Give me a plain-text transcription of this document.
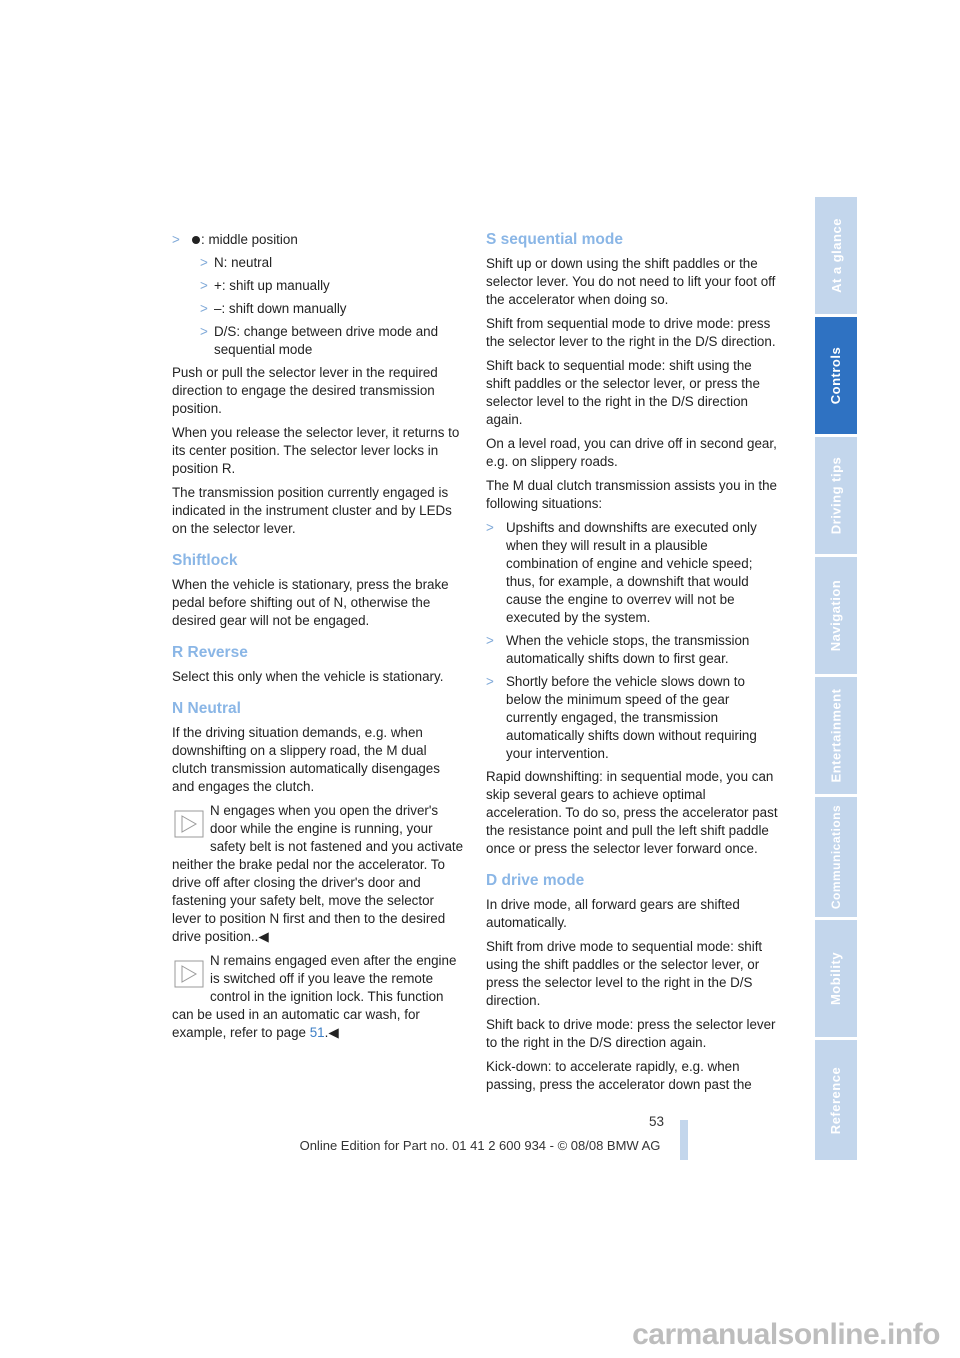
> : middle position
> N: neutral
> +: shift up manually
> –: shift down manually
> D/S: change between drive mode and sequential mode

Push or pull the selector lever in the required direction to engage the desired transmission position.

When you release the selector lever, it returns to its center position. The selector lever locks in position R.

The transmission position currently engaged is indicated in the instrument cluster and by LEDs on the selector lever.

Shiftlock

When the vehicle is stationary, press the brake pedal before shifting out of N, otherwise the desired gear will not be engaged.

R Reverse

Select this only when the vehicle is stationary.

N Neutral

If the driving situation demands, e.g. when downshifting on a slippery road, the M dual clutch transmission automatically disengages and engages the clutch.

N engages when you open the driver's door while the engine is running, your safety belt is not fastened and you activate neither the brake pedal nor the accelerator. To drive off after closing the driver's door and fastening your safety belt, move the selector lever to position N first and then to the desired drive position..◀
N remains engaged even after the engine is switched off if you leave the remote control in the ignition lock. This function can be used in an automatic car wash, for example, refer to page 51.◀
S sequential mode

Shift up or down using the shift paddles or the selector lever. You do not need to lift your foot off the accelerator when doing so.

Shift from sequential mode to drive mode: press the selector lever to the right in the D/S direction.

Shift back to sequential mode: shift using the shift paddles or the selector lever, or press the selector level to the right in the D/S direction again.

On a level road, you can drive off in second gear, e.g. on slippery roads.

The M dual clutch transmission assists you in the following situations:

> Upshifts and downshifts are executed only when they will result in a plausible combination of engine and vehicle speed; thus, for example, a downshift that would cause the engine to overrev will not be executed by the system.
> When the vehicle stops, the transmission automatically shifts down to first gear.
> Shortly before the vehicle slows down to below the minimum speed of the gear currently engaged, the transmission automatically shifts down without requiring your intervention.

Rapid downshifting: in sequential mode, you can skip several gears to achieve optimal acceleration. To do so, press the accelerator past the resistance point and pull the left shift paddle once or press the selector lever forward once.

D drive mode

In drive mode, all forward gears are shifted automatically.

Shift from drive mode to sequential mode: shift using the shift paddles or the selector lever, or press the selector level to the right in the D/S direction.

Shift back to drive mode: press the selector lever to the right in the D/S direction again.

Kick-down: to accelerate rapidly, e.g. when passing, press the accelerator down past the

At a glance
Controls
Driving tips
Navigation
Entertainment
Communications
Mobility
Reference
53
Online Edition for Part no. 01 41 2 600 934 - © 08/08 BMW AG
carmanualsonline.info
